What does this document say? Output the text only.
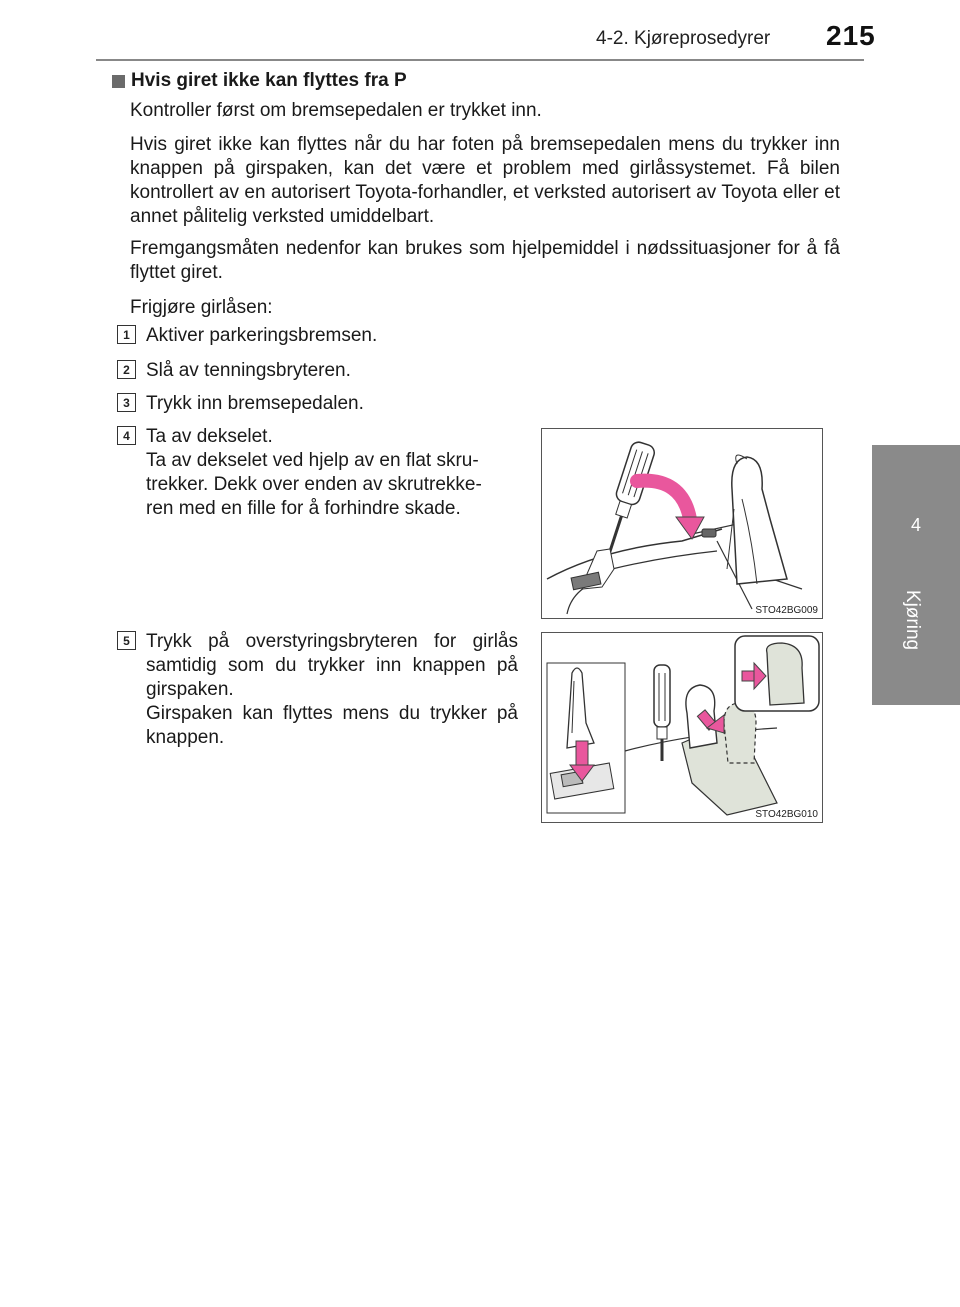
4-2. Kjøreprosedyrer 215
4
Kjøring
Hvis giret ikke kan flyttes fra P

Kontroller først om bremsepedalen er trykket inn.

Hvis giret ikke kan flyttes når du har foten på bremsepedalen mens du trykker inn knappen på girspaken, kan det være et problem med girlåssystemet. Få bilen kontrollert av en autorisert Toyota-forhandler, et verksted autorisert av Toyota eller et annet pålitelig verksted umiddelbart.

Fremgangsmåten nedenfor kan brukes som hjelpemiddel i nødssituasjoner for å få flyttet giret.

Frigjøre girlåsen:

1 Aktiver parkeringsbremsen.

2 Slå av tenningsbryteren.

3 Trykk inn bremsepedalen.

4 Ta av dekselet.
Ta av dekselet ved hjelp av en flat skru-
trekker. Dekk over enden av skrutrekke-
ren med en fille for å forhindre skade.
5 Trykk på overstyringsbryteren for girlås samtidig som du trykker inn knappen på girspaken.
Girspaken kan flyttes mens du trykker på knappen.
STO42BG009
STO42BG010
